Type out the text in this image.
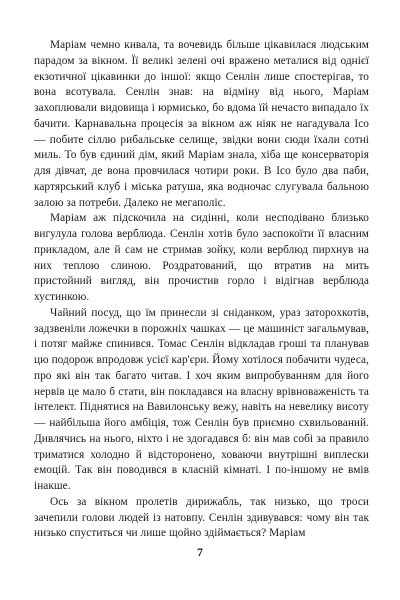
Маріам чемно кивала, та вочевидь більше цікавилася людським парадом за вікном. Її великі зелені очі вражено металися від однієї екзотичної цікавинки до іншої: якщо Сенлін лише спостерігав, то вона всотувала. Сенлін знав: на відміну від нього, Маріам захоплювали видовища і юрмисько, бо вдома їй нечасто випадало їх бачити. Карнавальна процесія за вікном аж ніяк не нагадувала Ісо — побите сіллю рибальське селище, звідки вони сюди їхали сотні миль. То був єдиний дім, який Маріам знала, хіба ще консерваторія для дівчат, де вона провчилася чотири роки. В Ісо було два паби, картярський клуб і міська ратуша, яка водночас слугувала бальною залою за потреби. Далеко не мегаполіс.

Маріам аж підскочила на сидінні, коли несподівано близько вигулула голова верблюда. Сенлін хотів було заспокоїти її власним прикладом, але й сам не стримав зойку, коли верблюд пирхнув на них теплою слиною. Роздратований, що втратив на мить пристойний вигляд, він прочистив горло і відігнав верблюда хустинкою.

Чайний посуд, що їм принесли зі сніданком, ураз затороxкотів, задзвеніли ложечки в порожніх чашках — це машиніст загальмував, і потяг майже спинився. Томас Сенлін відкладав гроші та планував цю подорож впродовж усієї кар'єри. Йому хотілося побачити чудеса, про які він так багато читав. І хоч яким випробуванням для його нервів це мало б стати, він покладався на власну врівноваженість та інтелект. Піднятися на Вавилонську вежу, навіть на невелику висоту — найбільша його амбіція, тож Сенлін був приємно схвильований. Дивлячись на нього, ніхто і не здогадався б: він мав собі за правило триматися холодно й відсторонено, ховаючи внутрішні виплески емоцій. Так він поводився в класній кімнаті. І по-іншому не вмів інакше.

Ось за вікном пролетів дирижабль, так низько, що троси зачепили голови людей із натовпу. Сенлін здивувався: чому він так низько спуститься чи лише щойно здіймається? Маріам

7
